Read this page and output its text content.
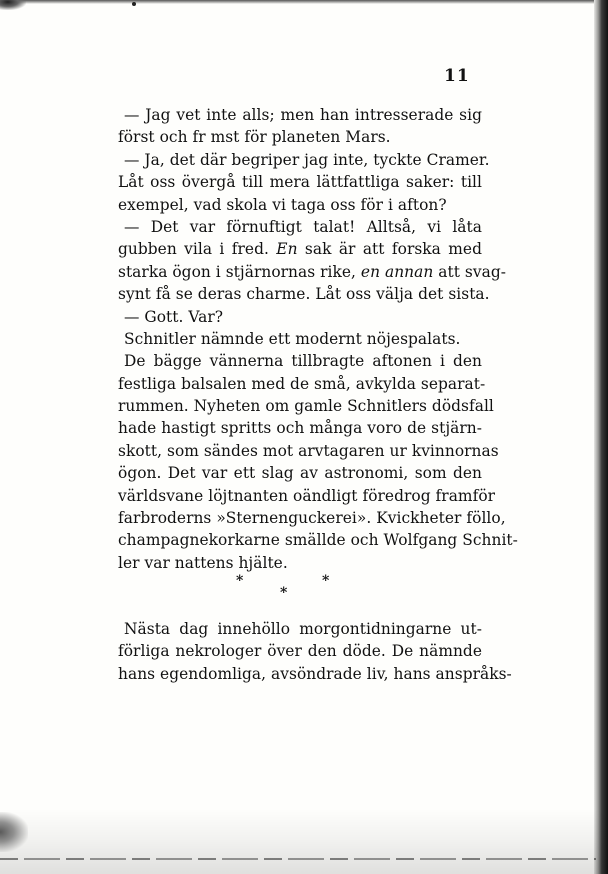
11
— Jag vet inte alls; men han intresserade sig
först och fr mst för planeten Mars.
— Ja, det där begriper jag inte, tyckte Cramer.
Låt oss övergå till mera lättfattliga saker: till
exempel, vad skola vi taga oss för i afton?
— Det var förnuftigt talat! Alltså, vi låta
gubben vila i fred. En sak är att forska med
starka ögon i stjärnornas rike, en annan att svag-
synt få se deras charme. Låt oss välja det sista.
— Gott. Var?
Schnitler nämnde ett modernt nöjespalats.
De bägge vännerna tillbragte aftonen i den
festliga balsalen med de små, avkylda separat-
rummen. Nyheten om gamle Schnitlers dödsfall
hade hastigt spritts och många voro de stjärn-
skott, som sändes mot arvtagaren ur kvinnornas
ögon. Det var ett slag av astronomi, som den
världsvane löjtnanten oändligt föredrog framför
farbroderns »Sternenguckerei». Kvickheter föllo,
champagnekorkarne smällde och Wolfgang Schnit-
ler var nattens hjälte.
*
*
*
Nästa dag innehöllo morgontidningarne ut-
förliga nekrologer över den döde. De nämnde
hans egendomliga, avsöndrade liv, hans anspråks-
